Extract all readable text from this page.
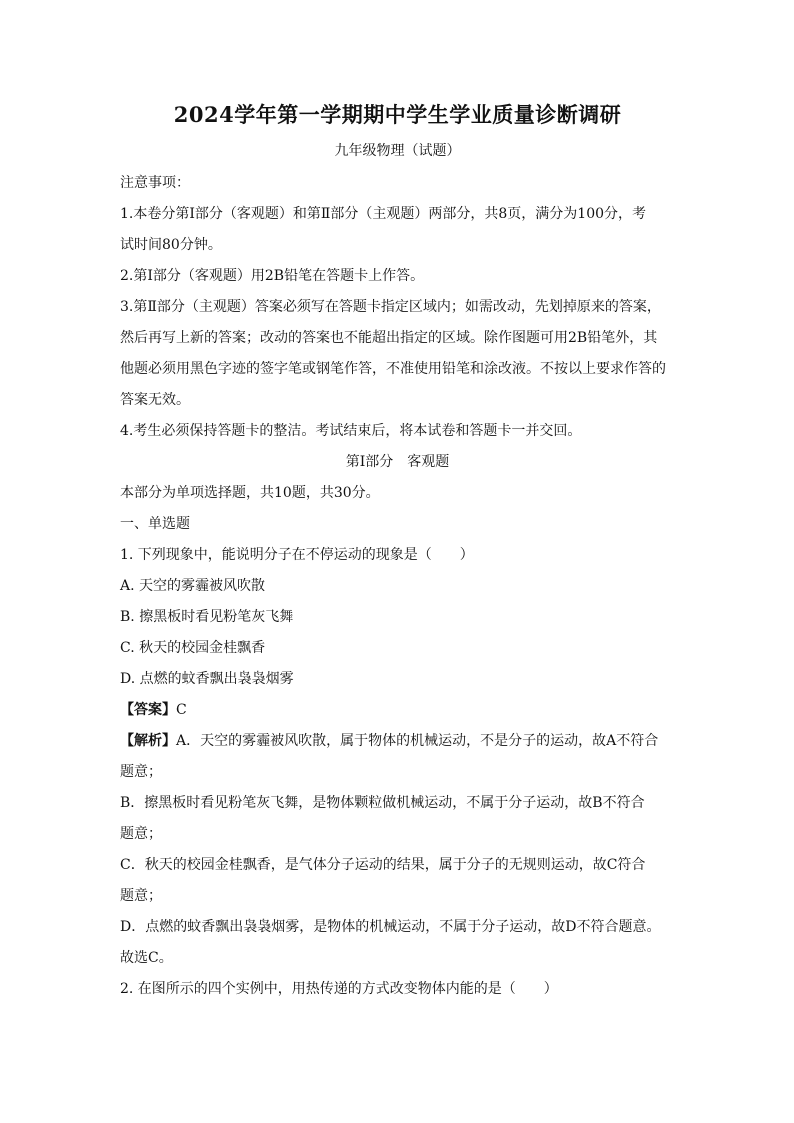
2024学年第一学期期中学生学业质量诊断调研
九年级物理（试题）

注意事项：

1.本卷分第Ⅰ部分（客观题）和第Ⅱ部分（主观题）两部分，共8页，满分为100分，考

试时间80分钟。

2.第Ⅰ部分（客观题）用2B铅笔在答题卡上作答。

3.第Ⅱ部分（主观题）答案必须写在答题卡指定区域内；如需改动，先划掉原来的答案，

然后再写上新的答案；改动的答案也不能超出指定的区域。除作图题可用2B铅笔外，其

他题必须用黑色字迹的签字笔或钢笔作答，不准使用铅笔和涂改液。不按以上要求作答的

答案无效。

4.考生必须保持答题卡的整洁。考试结束后，将本试卷和答题卡一并交回。

第Ⅰ部分　客观题

本部分为单项选择题，共10题，共30分。

一、单选题

1. 下列现象中，能说明分子在不停运动的现象是（　　）

A. 天空的雾霾被风吹散

B. 擦黑板时看见粉笔灰飞舞

C. 秋天的校园金桂飘香

D. 点燃的蚊香飘出袅袅烟雾

【答案】C

【解析】A．天空的雾霾被风吹散，属于物体的机械运动，不是分子的运动，故A不符合

题意；

B．擦黑板时看见粉笔灰飞舞，是物体颗粒做机械运动，不属于分子运动，故B不符合

题意；

C．秋天的校园金桂飘香，是气体分子运动的结果，属于分子的无规则运动，故C符合

题意；

D．点燃的蚊香飘出袅袅烟雾，是物体的机械运动，不属于分子运动，故D不符合题意。

故选C。

2. 在图所示的四个实例中，用热传递的方式改变物体内能的是（　　）
